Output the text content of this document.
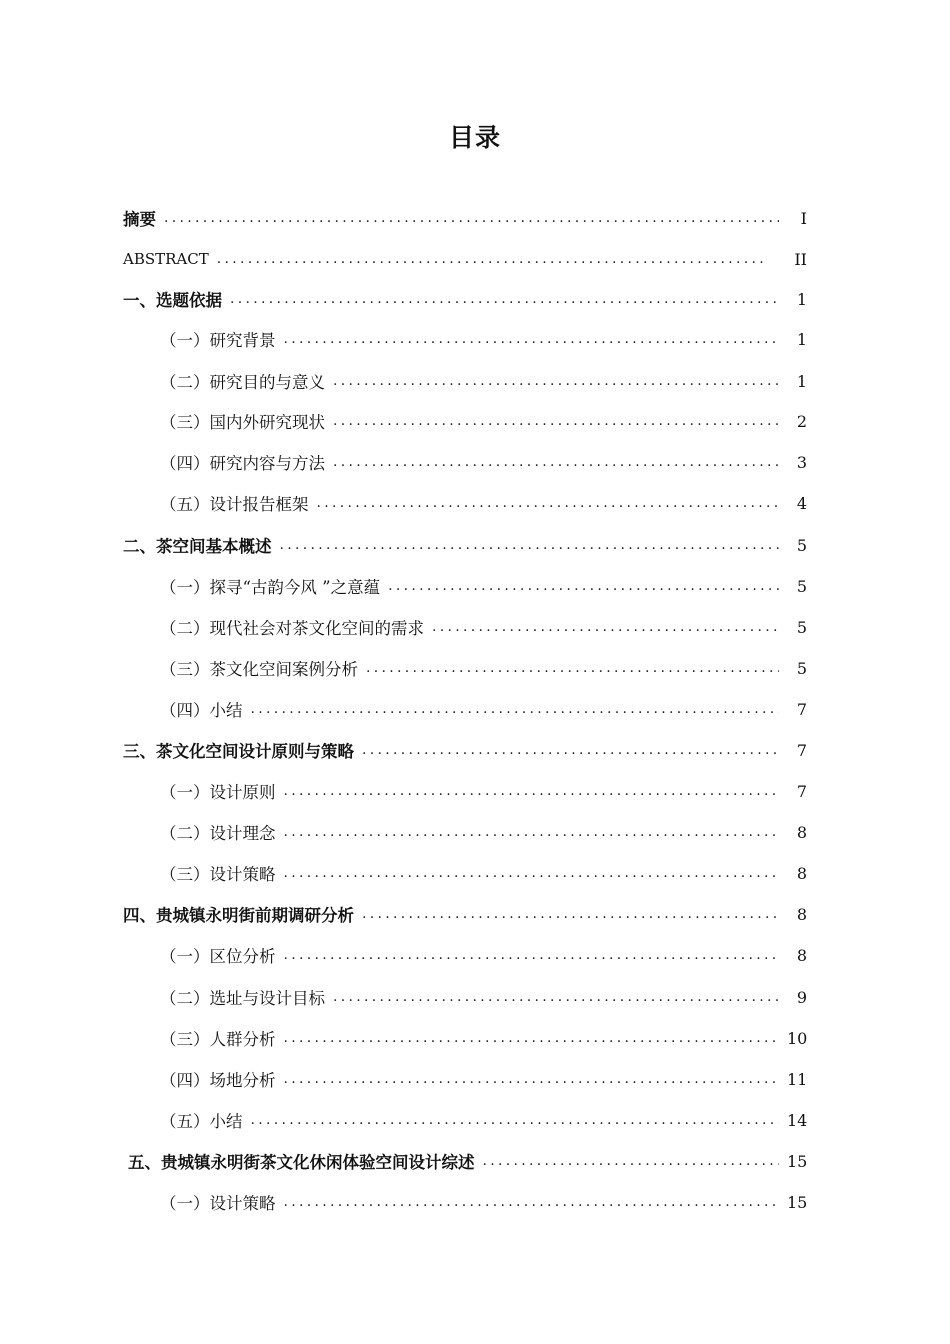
目录
摘要 .....	I
ABSTRACT .....	II
一、选题依据 .....	1
（一）研究背景 .....	1
（二）研究目的与意义 .....	1
（三）国内外研究现状 .....	2
（四）研究内容与方法 .....	3
（五）设计报告框架 .....	4
二、茶空间基本概述 .....	5
（一）探寻“古韵今风 ”之意蕴 .....	5
（二）现代社会对茶文化空间的需求 .....	5
（三）茶文化空间案例分析 .....	5
（四）小结 .....	7
三、茶文化空间设计原则与策略 .....	7
（一）设计原则 .....	7
（二）设计理念 .....	8
（三）设计策略 .....	8
四、贵城镇永明街前期调研分析 .....	8
（一）区位分析 .....	8
（二）选址与设计目标 .....	9
（三）人群分析 .....	10
（四）场地分析 .....	11
（五）小结 .....	14
五、贵城镇永明街茶文化休闲体验空间设计综述 .....	15
（一）设计策略 .....	15
